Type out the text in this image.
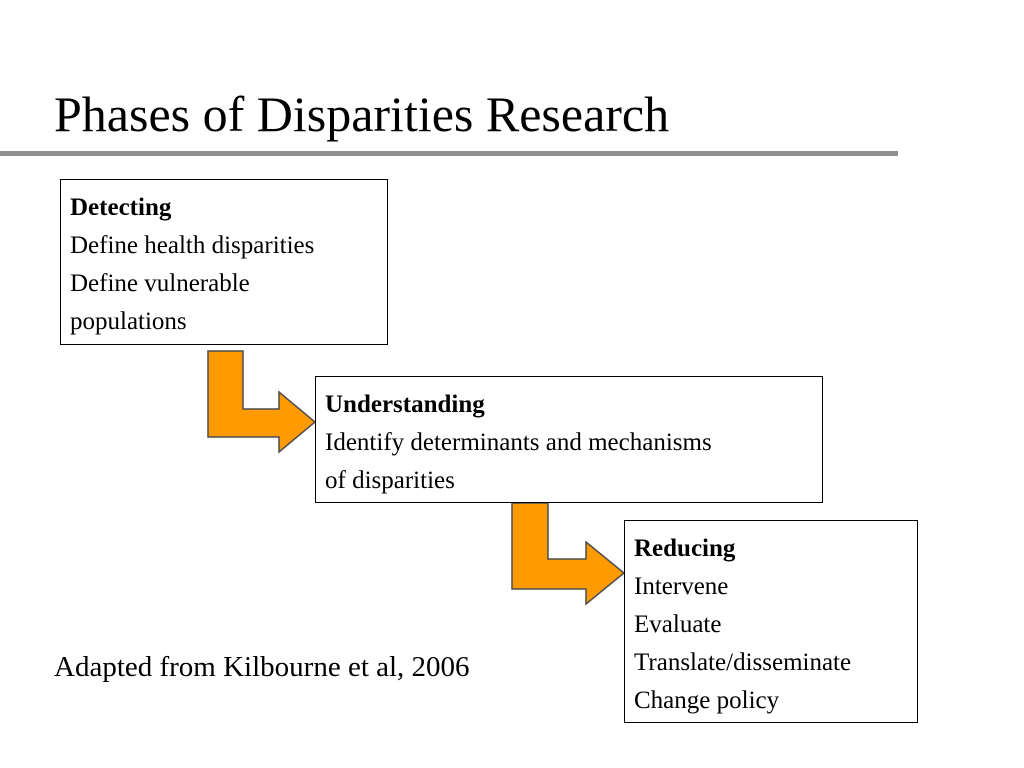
Phases of Disparities Research
Detecting
Define health disparities
Define vulnerable
populations
Understanding
Identify determinants and mechanisms
of disparities
Reducing
Intervene
Evaluate
Translate/disseminate
Change policy
Adapted from Kilbourne et al, 2006
